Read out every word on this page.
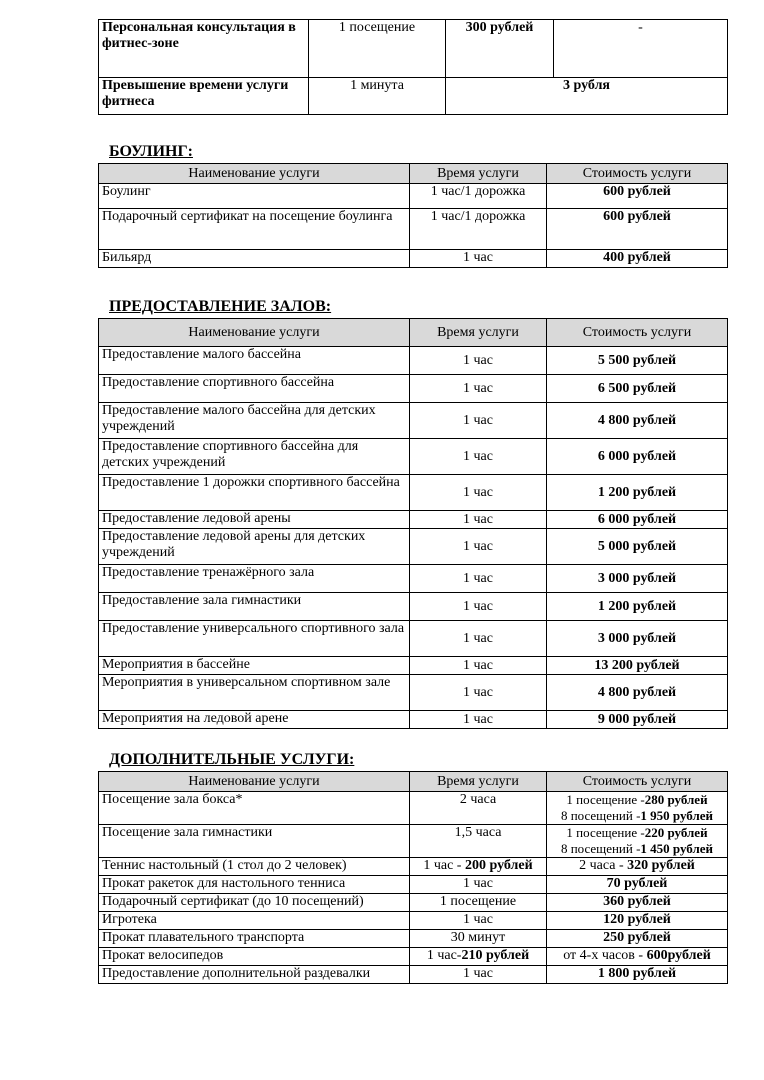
Персональная консультация в фитнес-зоне	1 посещение	300 рублей	-
Превышение времени услуги фитнеса	1 минута	3 рубля	
БОУЛИНГ:
Наименование услуги	Время услуги	Стоимость услуги
Боулинг	1 час/1 дорожка	600 рублей
Подарочный сертификат на посещение боулинга	1 час/1 дорожка	600 рублей
Бильярд	1 час	400 рублей
ПРЕДОСТАВЛЕНИЕ ЗАЛОВ:
Наименование услуги	Время услуги	Стоимость услуги
Предоставление малого бассейна	1 час	5 500 рублей
Предоставление спортивного бассейна	1 час	6 500 рублей
Предоставление малого бассейна для детских учреждений	1 час	4 800 рублей
Предоставление спортивного бассейна для детских учреждений	1 час	6 000 рублей
Предоставление 1 дорожки спортивного бассейна	1 час	1 200 рублей
Предоставление ледовой арены	1 час	6 000 рублей
Предоставление ледовой арены для детских учреждений	1 час	5 000 рублей
Предоставление тренажёрного зала	1 час	3 000 рублей
Предоставление зала гимнастики	1 час	1 200 рублей
Предоставление универсального спортивного зала	1 час	3 000 рублей
Мероприятия в бассейне	1 час	13 200 рублей
Мероприятия в универсальном спортивном зале	1 час	4 800 рублей
Мероприятия на ледовой арене	1 час	9 000 рублей
ДОПОЛНИТЕЛЬНЫЕ УСЛУГИ:
Наименование услуги	Время услуги	Стоимость услуги
Посещение зала бокса*	2 часа	1 посещение -280 рублей
8 посещений -1 950 рублей

Посещение зала гимнастики	1,5 часа	1 посещение -220 рублей
8 посещений -1 450 рублей

Теннис настольный (1 стол до 2 человек)	1 час - 200 рублей	2 часа - 320 рублей
Прокат ракеток для настольного тенниса	1 час	70 рублей
Подарочный сертификат (до 10 посещений)	1 посещение	360 рублей
Игротека	1 час	120 рублей
Прокат плавательного транспорта	30 минут	250 рублей
Прокат велосипедов	1 час-210 рублей	от 4-х часов - 600рублей
Предоставление дополнительной раздевалки	1 час	1 800 рублей
